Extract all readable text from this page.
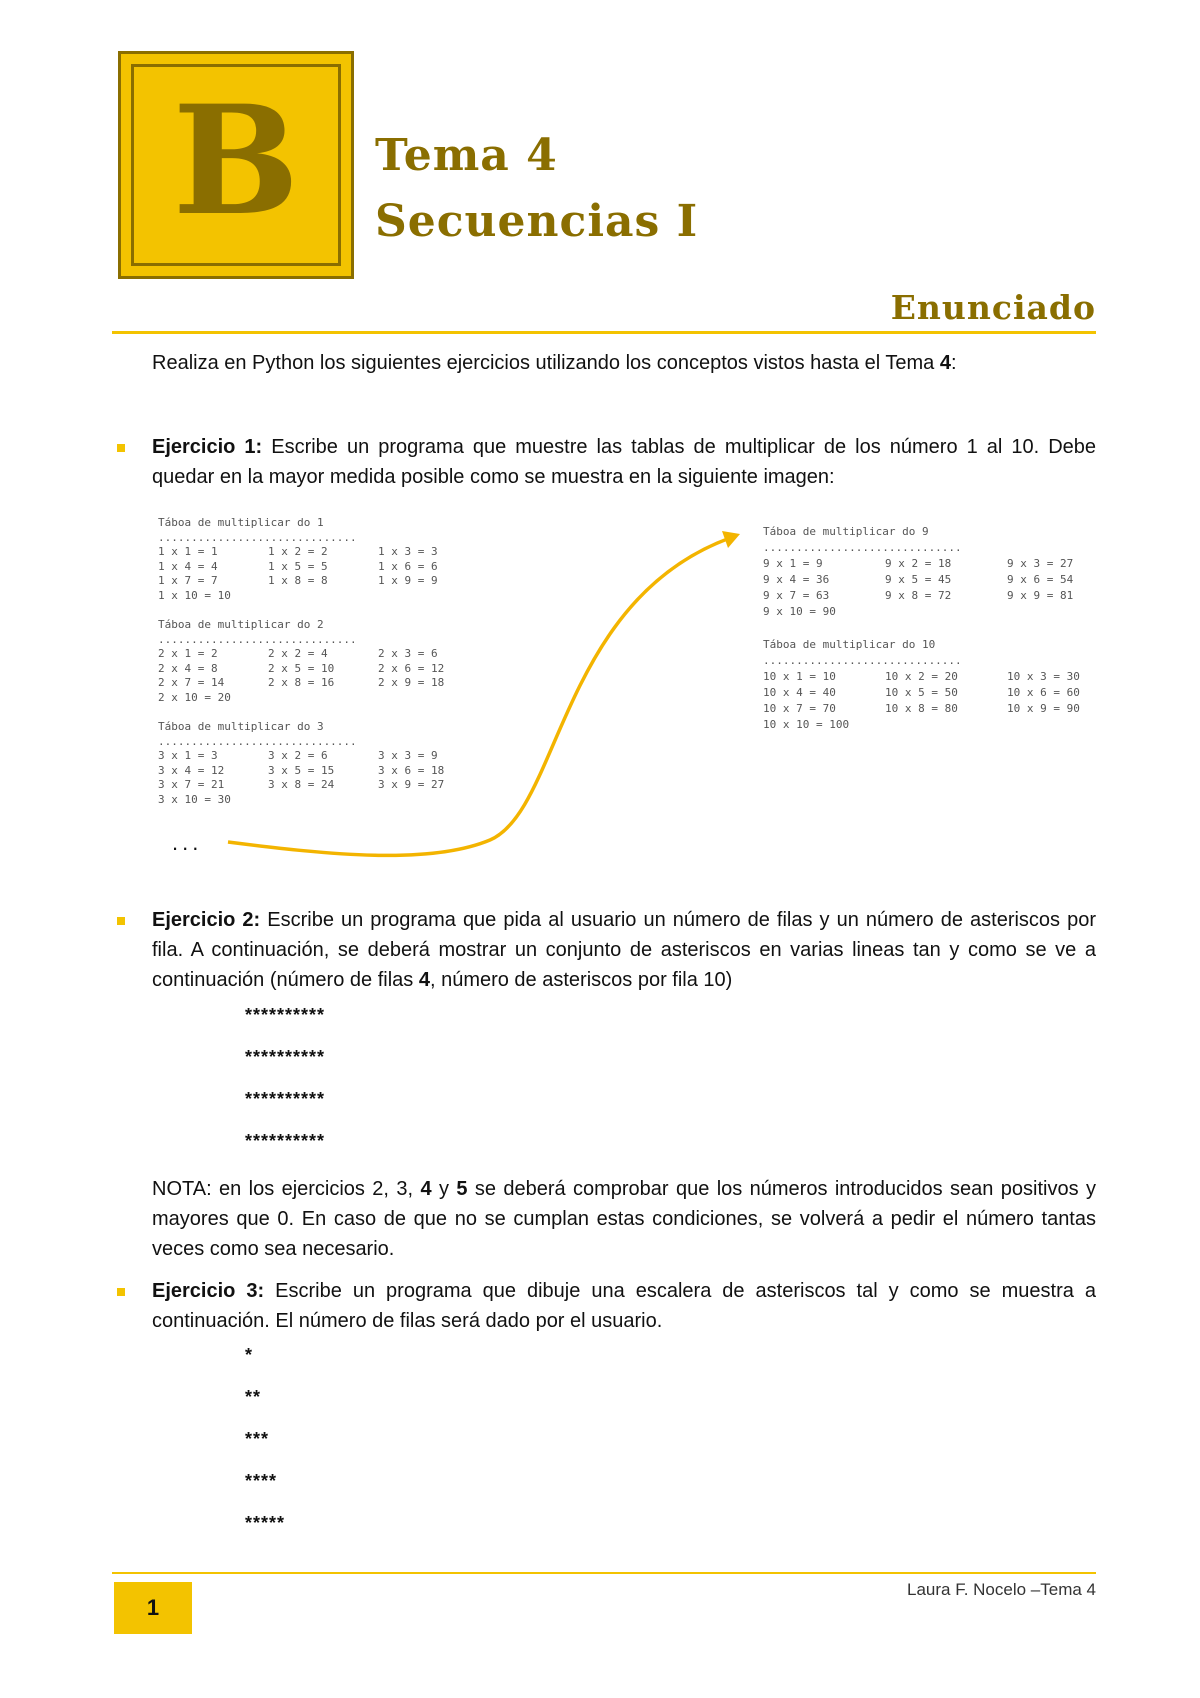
B Tema 4
Secuencias I
Enunciado
Realiza en Python los siguientes ejercicios utilizando los conceptos vistos hasta el Tema 4:
Ejercicio 1: Escribe un programa que muestre las tablas de multiplicar de los número 1 al 10. Debe quedar en la mayor medida posible como se muestra en la siguiente imagen:
Táboa de multiplicar do 1
..............................
1 x 1 = 1	1 x 2 = 2	1 x 3 = 3
1 x 4 = 4	1 x 5 = 5	1 x 6 = 6
1 x 7 = 7	1 x 8 = 8	1 x 9 = 9
1 x 10 = 10
Táboa de multiplicar do 2
..............................
2 x 1 = 2	2 x 2 = 4	2 x 3 = 6
2 x 4 = 8	2 x 5 = 10	2 x 6 = 12
2 x 7 = 14	2 x 8 = 16	2 x 9 = 18
2 x 10 = 20
Táboa de multiplicar do 3
..............................
3 x 1 = 3	3 x 2 = 6	3 x 3 = 9
3 x 4 = 12	3 x 5 = 15	3 x 6 = 18
3 x 7 = 21	3 x 8 = 24	3 x 9 = 27
3 x 10 = 30
Táboa de multiplicar do 9
..............................
9 x 1 = 9	9 x 2 = 18	9 x 3 = 27
9 x 4 = 36	9 x 5 = 45	9 x 6 = 54
9 x 7 = 63	9 x 8 = 72	9 x 9 = 81
9 x 10 = 90
Táboa de multiplicar do 10
..............................
10 x 1 = 10	10 x 2 = 20	10 x 3 = 30
10 x 4 = 40	10 x 5 = 50	10 x 6 = 60
10 x 7 = 70	10 x 8 = 80	10 x 9 = 90
10 x 10 = 100
...
Ejercicio 2: Escribe un programa que pida al usuario un número de filas y un número de asteriscos por fila. A continuación, se deberá mostrar un conjunto de asteriscos en varias lineas tan y como se ve a continuación (número de filas 4, número de asteriscos por fila 10)
**********
**********
**********
**********
NOTA: en los ejercicios 2, 3, 4 y 5 se deberá comprobar que los números introducidos sean positivos y mayores que 0. En caso de que no se cumplan estas condiciones, se volverá a pedir el número tantas veces como sea necesario.
Ejercicio 3: Escribe un programa que dibuje una escalera de asteriscos tal y como se muestra a continuación. El número de filas será dado por el usuario.
*
**
***
****
*****
1
Laura F. Nocelo –Tema 4
